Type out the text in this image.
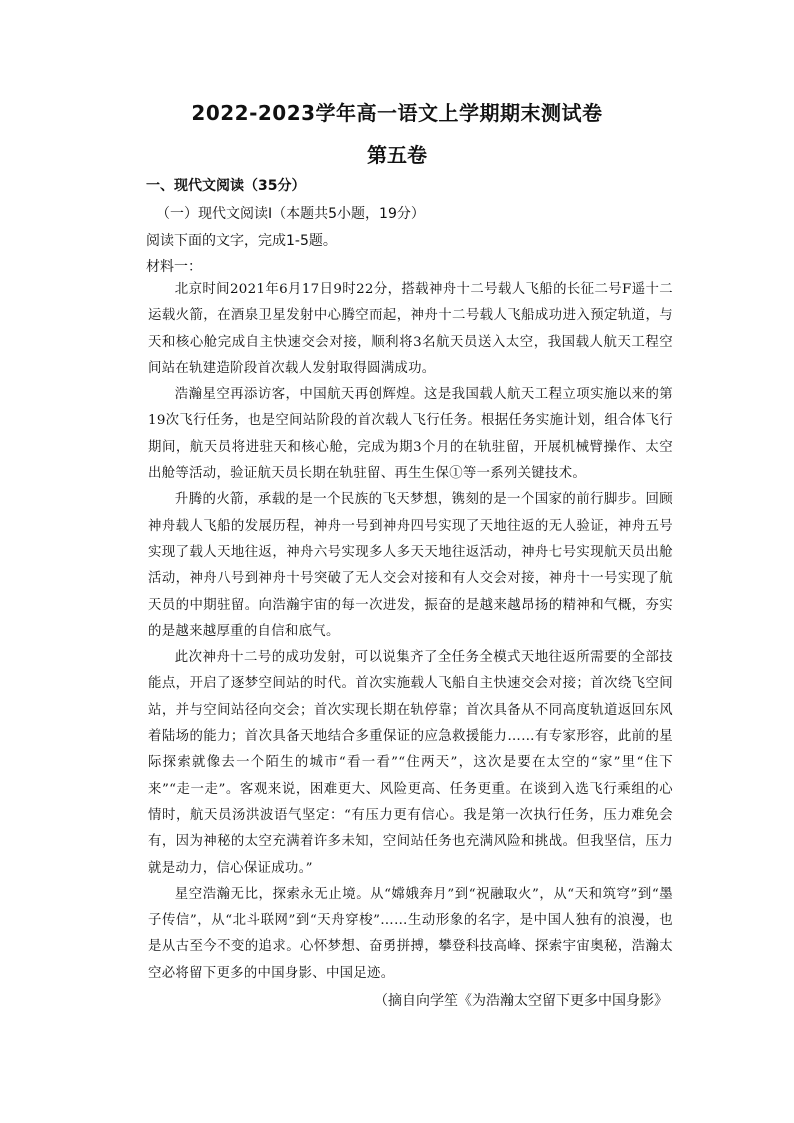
2022-2023学年高一语文上学期期末测试卷
第五卷
一、现代文阅读（35分）
（一）现代文阅读Ⅰ（本题共5小题，19分）
阅读下面的文字，完成1-5题。
材料一：

北京时间2021年6月17日9时22分，搭载神舟十二号载人飞船的长征二号F遥十二运载火箭，在酒泉卫星发射中心腾空而起，神舟十二号载人飞船成功进入预定轨道，与天和核心舱完成自主快速交会对接，顺利将3名航天员送入太空，我国载人航天工程空间站在轨建造阶段首次载人发射取得圆满成功。

浩瀚星空再添访客，中国航天再创辉煌。这是我国载人航天工程立项实施以来的第19次飞行任务，也是空间站阶段的首次载人飞行任务。根据任务实施计划，组合体飞行期间，航天员将进驻天和核心舱，完成为期3个月的在轨驻留，开展机械臂操作、太空出舱等活动，验证航天员长期在轨驻留、再生生保①等一系列关键技术。

升腾的火箭，承载的是一个民族的飞天梦想，镌刻的是一个国家的前行脚步。回顾神舟载人飞船的发展历程，神舟一号到神舟四号实现了天地往返的无人验证，神舟五号实现了载人天地往返，神舟六号实现多人多天天地往返活动，神舟七号实现航天员出舱活动，神舟八号到神舟十号突破了无人交会对接和有人交会对接，神舟十一号实现了航天员的中期驻留。向浩瀚宇宙的每一次进发，振奋的是越来越昂扬的精神和气概，夯实的是越来越厚重的自信和底气。

此次神舟十二号的成功发射，可以说集齐了全任务全模式天地往返所需要的全部技能点，开启了逐梦空间站的时代。首次实施载人飞船自主快速交会对接；首次绕飞空间站，并与空间站径向交会；首次实现长期在轨停靠；首次具备从不同高度轨道返回东风着陆场的能力；首次具备天地结合多重保证的应急救援能力……有专家形容，此前的星际探索就像去一个陌生的城市“看一看”“住两天”，这次是要在太空的“家”里“住下来”“走一走”。客观来说，困难更大、风险更高、任务更重。在谈到入选飞行乘组的心情时，航天员汤洪波语气坚定：“有压力更有信心。我是第一次执行任务，压力难免会有，因为神秘的太空充满着许多未知，空间站任务也充满风险和挑战。但我坚信，压力就是动力，信心保证成功。”

星空浩瀚无比，探索永无止境。从“嫦娥奔月”到“祝融取火”，从“天和筑穹”到“墨子传信”，从“北斗联网”到“天舟穿梭”……生动形象的名字，是中国人独有的浪漫，也是从古至今不变的追求。心怀梦想、奋勇拼搏，攀登科技高峰、探索宇宙奥秘，浩瀚太空必将留下更多的中国身影、中国足迹。

（摘自向学笙《为浩瀚太空留下更多中国身影》
